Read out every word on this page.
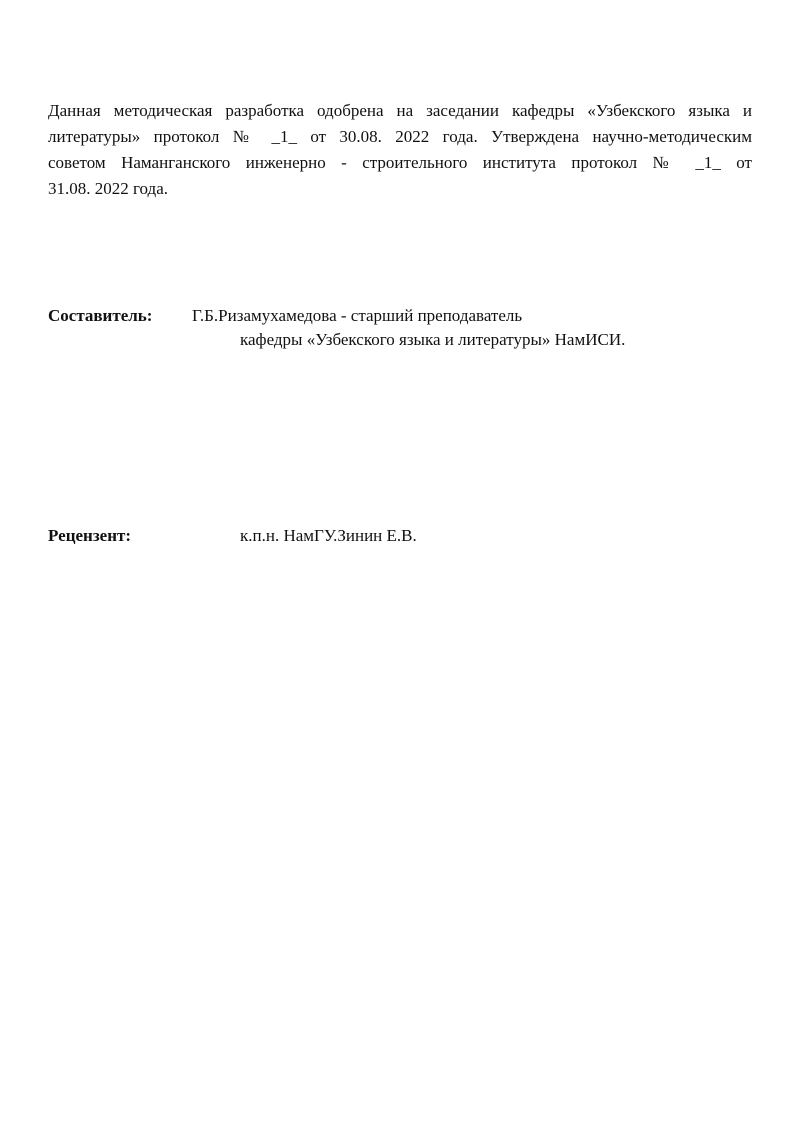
Данная методическая разработка одобрена на заседании кафедры «Узбекского языка и
литературы» протокол № _1_ от 30.08. 2022 года. Утверждена научно-методическим
советом Наманганского инженерно - строительного института протокол № _1_ от
31.08. 2022 года.
Составитель: Г.Б.Ризамухамедова - старший преподаватель
кафедры «Узбекского языка и литературы» НамИСИ.
Рецензент:	к.п.н. НамГУ.Зинин Е.В.
